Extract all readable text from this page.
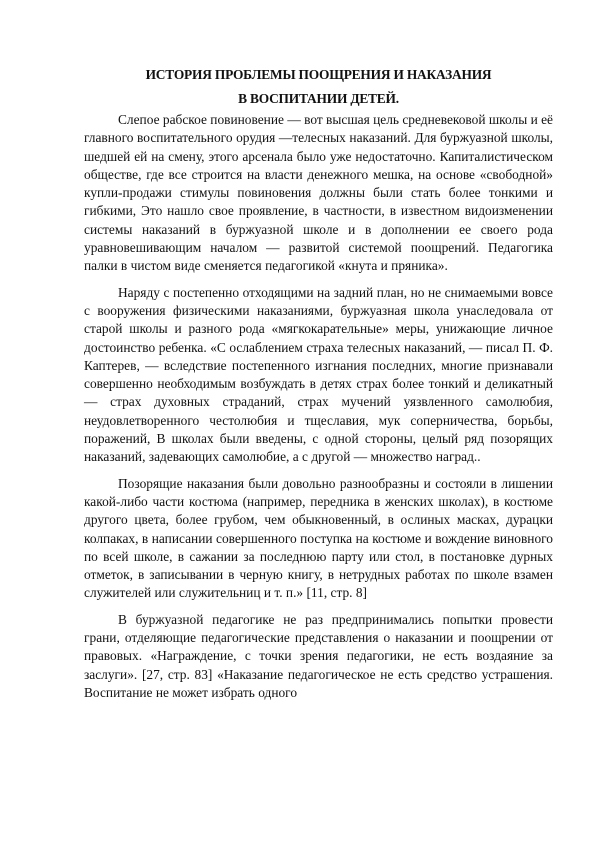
ИСТОРИЯ ПРОБЛЕМЫ ПООЩРЕНИЯ И НАКАЗАНИЯ
В ВОСПИТАНИИ ДЕТЕЙ.

Слепое рабское повиновение — вот высшая цель средневековой школы и её главного воспитательного орудия —телесных наказаний. Для буржуазной школы, шедшей ей на смену, этого арсенала было уже недостаточно. Капиталистическом обществе, где все строится на власти денежного мешка, на основе «свободной» купли-продажи стимулы повиновения должны были стать более тонкими и гибкими, Это нашло свое проявление, в частности, в известном видоизменении системы наказаний в буржуазной школе и в дополнении ее своего рода уравновешивающим началом — развитой системой поощрений. Педагогика палки в чистом виде сменяется педагогикой «кнута и пряника».

Наряду с постепенно отходящими на задний план, но не снимаемыми вовсе с вооружения физическими наказаниями, буржуазная школа унаследовала от старой школы и разного рода «мягкокарательные» меры, унижающие личное достоинство ребенка. «С ослаблением страха телесных наказаний, — писал П. Ф. Каптерев, — вследствие постепенного изгнания последних, многие признавали совершенно необходимым возбуждать в детях страх более тонкий и деликатный — страх духовных страданий, страх мучений уязвленного самолюбия, неудовлетворенного честолюбия и тщеславия, мук соперничества, борьбы, поражений, В школах были введены, с одной стороны, целый ряд позорящих наказаний, задевающих самолюбие, а с другой — множество наград..

Позорящие наказания были довольно разнообразны и состояли в лишении какой-либо части костюма (например, передника в женских школах), в костюме другого цвета, более грубом, чем обыкновенный, в ослиных масках, дурацки колпаках, в написании совершенного поступка на костюме и вождение виновного по всей школе, в сажании за последнюю парту или стол, в постановке дурных отметок, в записывании в черную книгу, в нетрудных работах по школе взамен служителей или служительниц и т. п.» [11, стр. 8]

В буржуазной педагогике не раз предпринимались попытки провести грани, отделяющие педагогические представления о наказании и поощрении от правовых. «Награждение, с точки зрения педагогики, не есть воздаяние за заслуги». [27, стр. 83] «Наказание педагогическое не есть средство устрашения. Воспитание не может избрать одного
